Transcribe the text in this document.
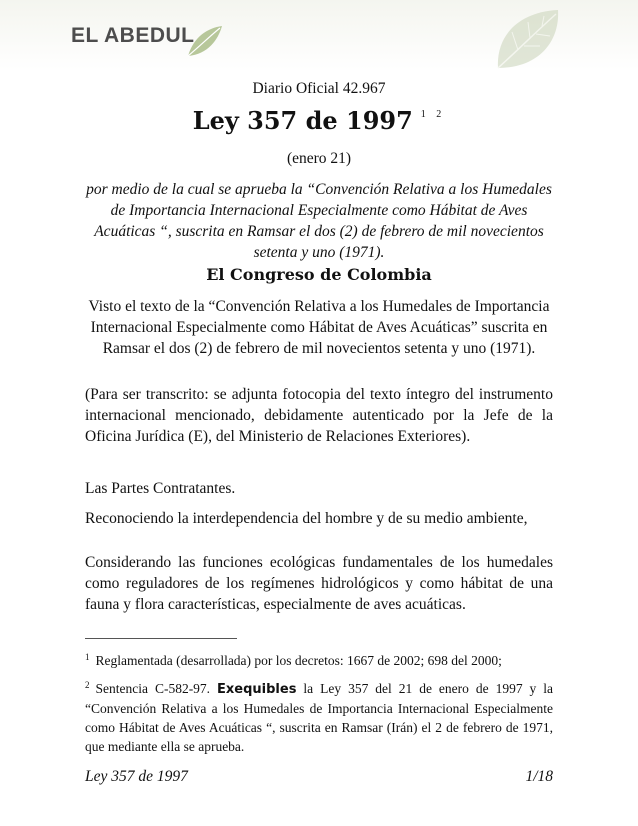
EL ABEDUL
Diario Oficial 42.967
Ley 357 de 1997 $^{1 2}$
(enero 21)
por medio de la cual se aprueba la “Convención Relativa a los Humedales de Importancia Internacional Especialmente como Hábitat de Aves Acuáticas “, suscrita en Ramsar el dos (2) de febrero de mil novecientos setenta y uno (1971).
El Congreso de Colombia
Visto el texto de la “Convención Relativa a los Humedales de Importancia Internacional Especialmente como Hábitat de Aves Acuáticas” suscrita en Ramsar el dos (2) de febrero de mil novecientos setenta y uno (1971).
(Para ser transcrito: se adjunta fotocopia del texto íntegro del instrumento internacional mencionado, debidamente autenticado por la Jefe de la Oficina Jurídica (E), del Ministerio de Relaciones Exteriores).
Las Partes Contratantes.
Reconociendo la interdependencia del hombre y de su medio ambiente,
Considerando las funciones ecológicas fundamentales de los humedales como reguladores de los regímenes hidrológicos y como hábitat de una fauna y flora características, especialmente de aves acuáticas.
$^1$ Reglamentada (desarrollada) por los decretos: 1667 de 2002; 698 del 2000;
$^2$ Sentencia C-582-97. Exequibles la Ley 357 del 21 de enero de 1997 y la “Convención Relativa a los Humedales de Importancia Internacional Especialmente como Hábitat de Aves Acuáticas “, suscrita en Ramsar (Irán) el 2 de febrero de 1971, que mediante ella se aprueba.
Ley 357 de 1997	1/18
